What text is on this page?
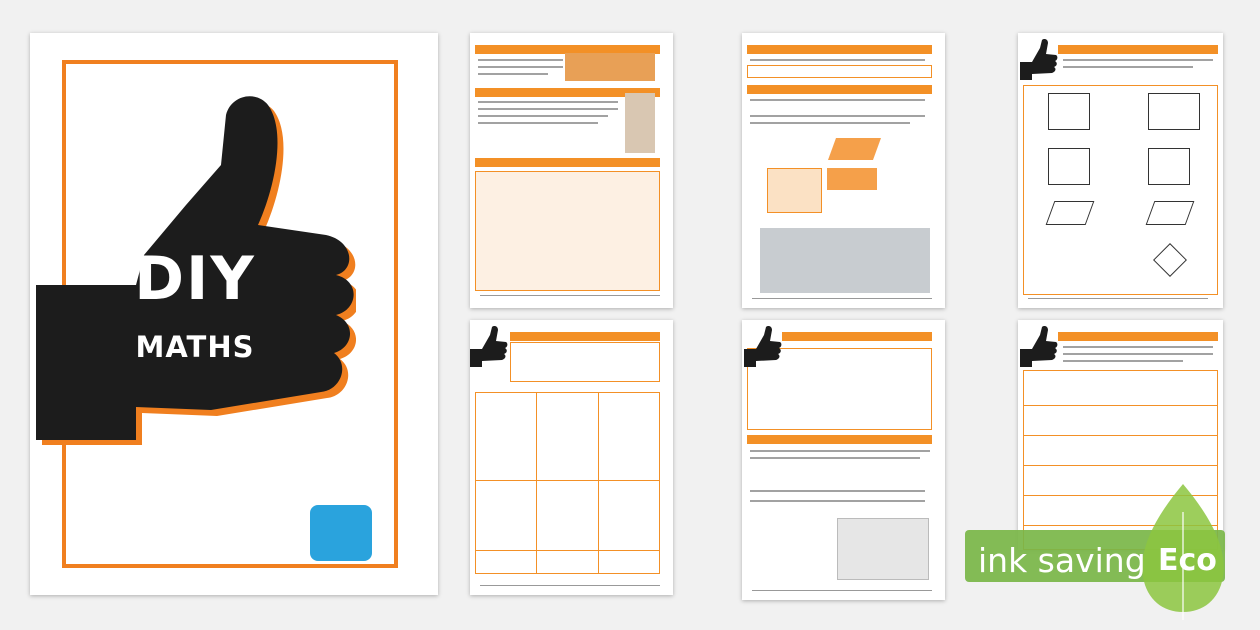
DIY
MATHS
ink saving Eco
